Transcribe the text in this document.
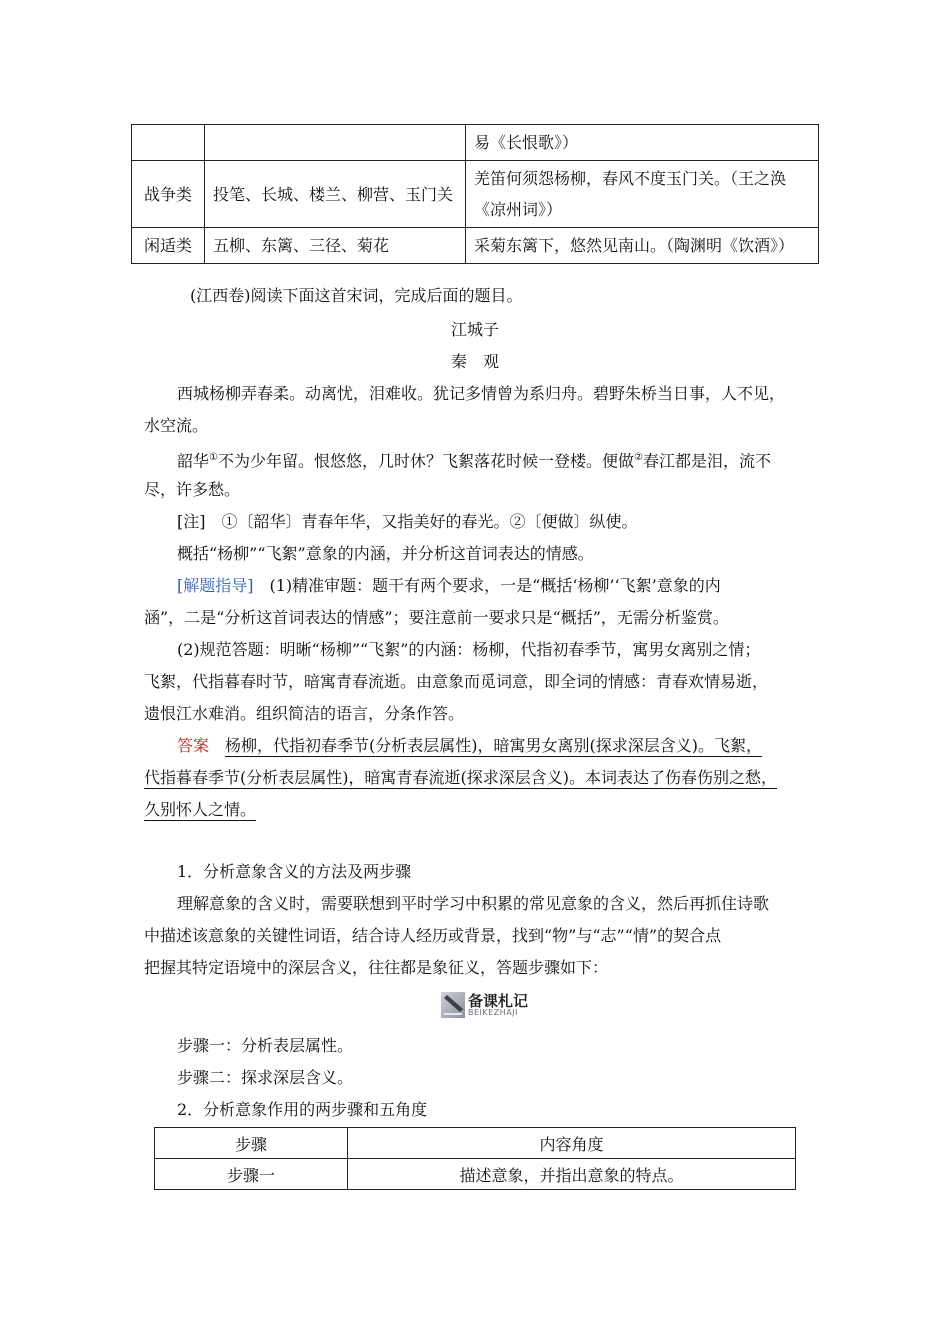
		易《长恨歌》）
战争类	投笔、长城、楼兰、柳营、玉门关	羌笛何须怨杨柳，春风不度玉门关。（王之涣《凉州词》）
闲适类	五柳、东篱、三径、菊花	采菊东篱下，悠然见南山。（陶渊明《饮酒》）
(江西卷)阅读下面这首宋词，完成后面的题目。
江城子
秦　观
西城杨柳弄春柔。动离忧，泪难收。犹记多情曾为系归舟。碧野朱桥当日事，人不见，
水空流。
韶华①不为少年留。恨悠悠，几时休？飞絮落花时候一登楼。便做②春江都是泪，流不
尽，许多愁。
[注]　①〔韶华〕青春年华，又指美好的春光。②〔便做〕纵使。
概括“杨柳”“飞絮”意象的内涵，并分析这首词表达的情感。
[解题指导]　(1)精准审题：题干有两个要求，一是“概括‘杨柳’‘飞絮’意象的内
涵”，二是“分析这首词表达的情感”；要注意前一要求只是“概括”，无需分析鉴赏。
(2)规范答题：明晰“杨柳”“飞絮”的内涵：杨柳，代指初春季节，寓男女离别之情；
飞絮，代指暮春时节，暗寓青春流逝。由意象而觅词意，即全词的情感：青春欢情易逝，
遗恨江水难消。组织简洁的语言，分条作答。
答案　 杨柳，代指初春季节(分析表层属性)，暗寓男女离别(探求深层含义)。飞絮，
代指暮春季节(分析表层属性)，暗寓青春流逝(探求深层含义)。本词表达了伤春伤别之愁，
久别怀人之情。
1．分析意象含义的方法及两步骤
理解意象的含义时，需要联想到平时学习中积累的常见意象的含义，然后再抓住诗歌
中描述该意象的关键性词语，结合诗人经历或背景，找到“物”与“志”“情”的契合点
把握其特定语境中的深层含义，往往都是象征义，答题步骤如下：
备课札记
BEIKEZHAJI
步骤一：分析表层属性。
步骤二：探求深层含义。
2．分析意象作用的两步骤和五角度
步骤	内容角度
步骤一	描述意象，并指出意象的特点。
